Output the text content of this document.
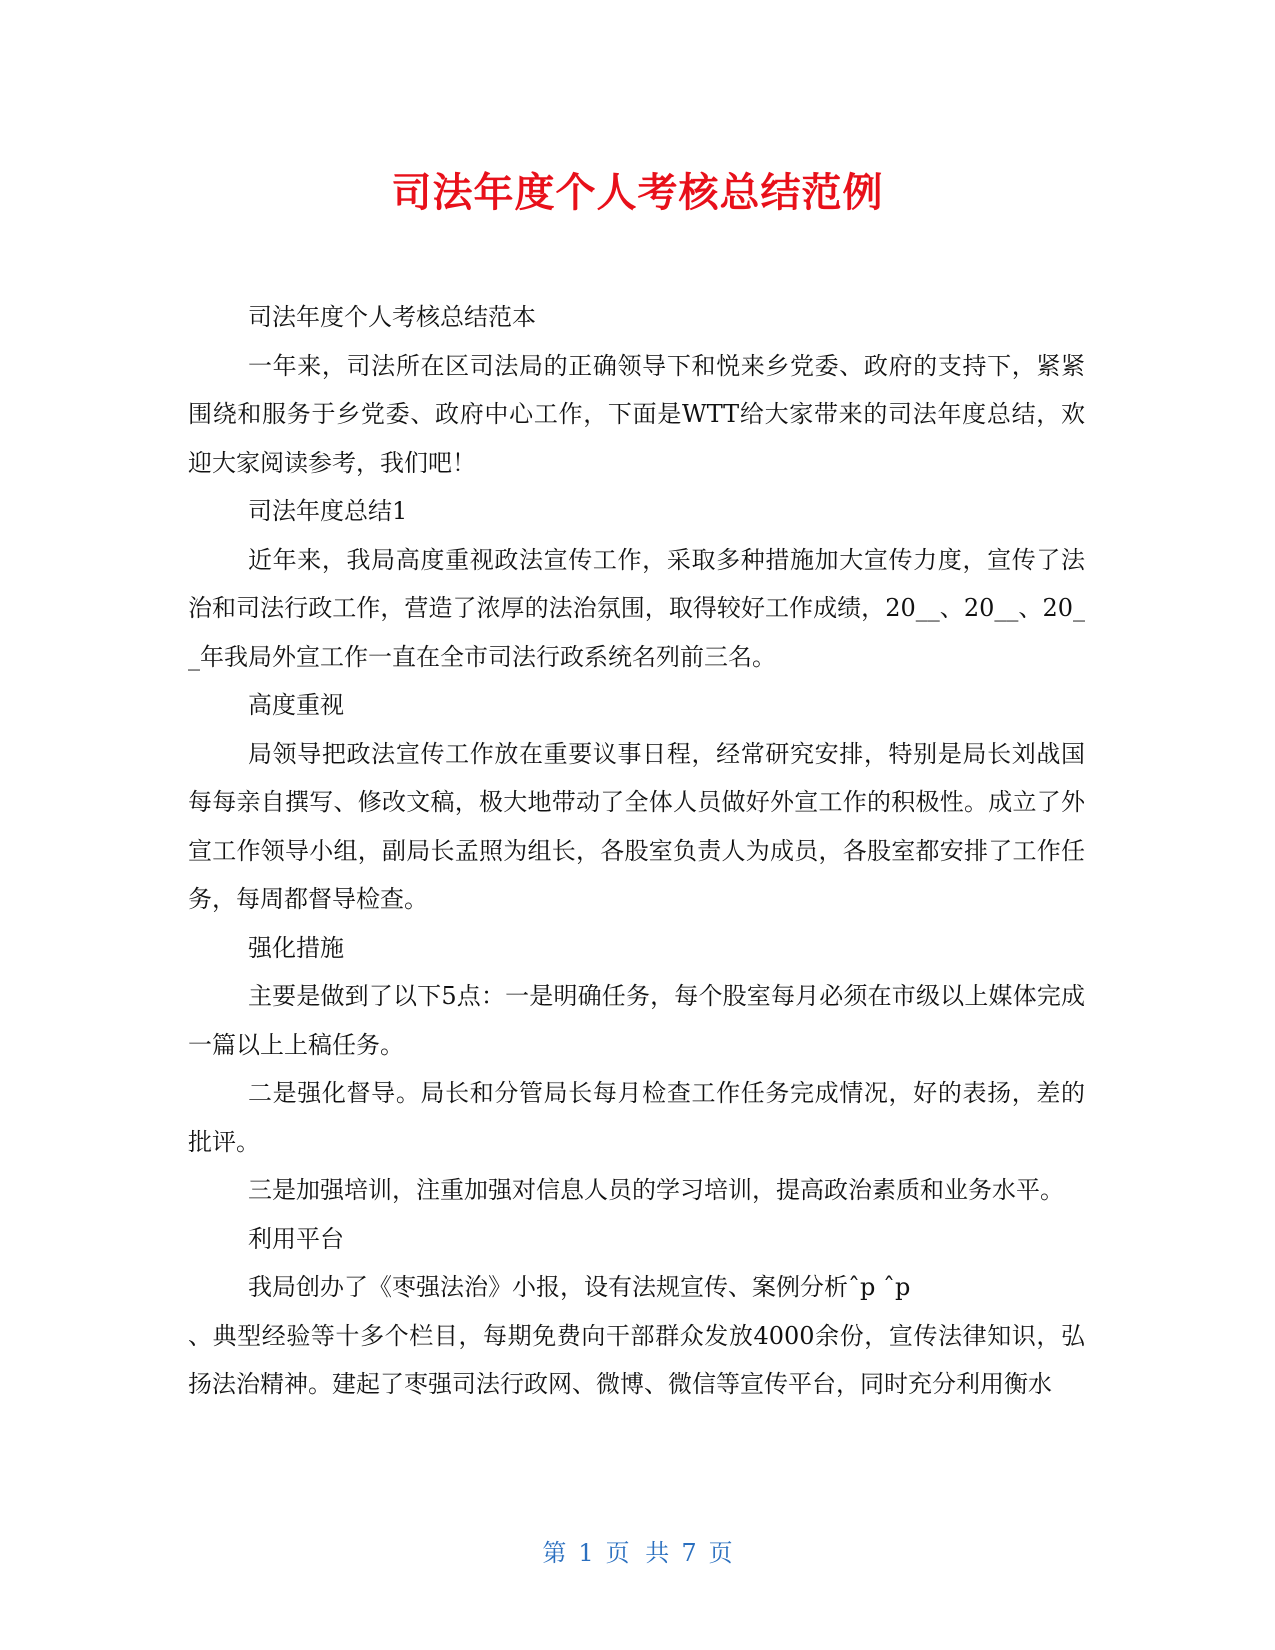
司法年度个人考核总结范例

司法年度个人考核总结范本

一年来，司法所在区司法局的正确领导下和悦来乡党委、政府的支持下，紧紧围绕和服务于乡党委、政府中心工作，下面是WTT给大家带来的司法年度总结，欢迎大家阅读参考，我们吧！

司法年度总结1

近年来，我局高度重视政法宣传工作，采取多种措施加大宣传力度，宣传了法治和司法行政工作，营造了浓厚的法治氛围，取得较好工作成绩，20__、20__、20__年我局外宣工作一直在全市司法行政系统名列前三名。

高度重视

局领导把政法宣传工作放在重要议事日程，经常研究安排，特别是局长刘战国每每亲自撰写、修改文稿，极大地带动了全体人员做好外宣工作的积极性。成立了外宣工作领导小组，副局长孟照为组长，各股室负责人为成员，各股室都安排了工作任务，每周都督导检查。

强化措施

主要是做到了以下5点：一是明确任务，每个股室每月必须在市级以上媒体完成一篇以上上稿任务。

二是强化督导。局长和分管局长每月检查工作任务完成情况，好的表扬，差的批评。

三是加强培训，注重加强对信息人员的学习培训，提高政治素质和业务水平。

利用平台

我局创办了《枣强法治》小报，设有法规宣传、案例分析ˆp ˆp

、典型经验等十多个栏目，每期免费向干部群众发放4000余份，宣传法律知识，弘扬法治精神。建起了枣强司法行政网、微博、微信等宣传平台，同时充分利用衡水

第 1 页 共 7 页
